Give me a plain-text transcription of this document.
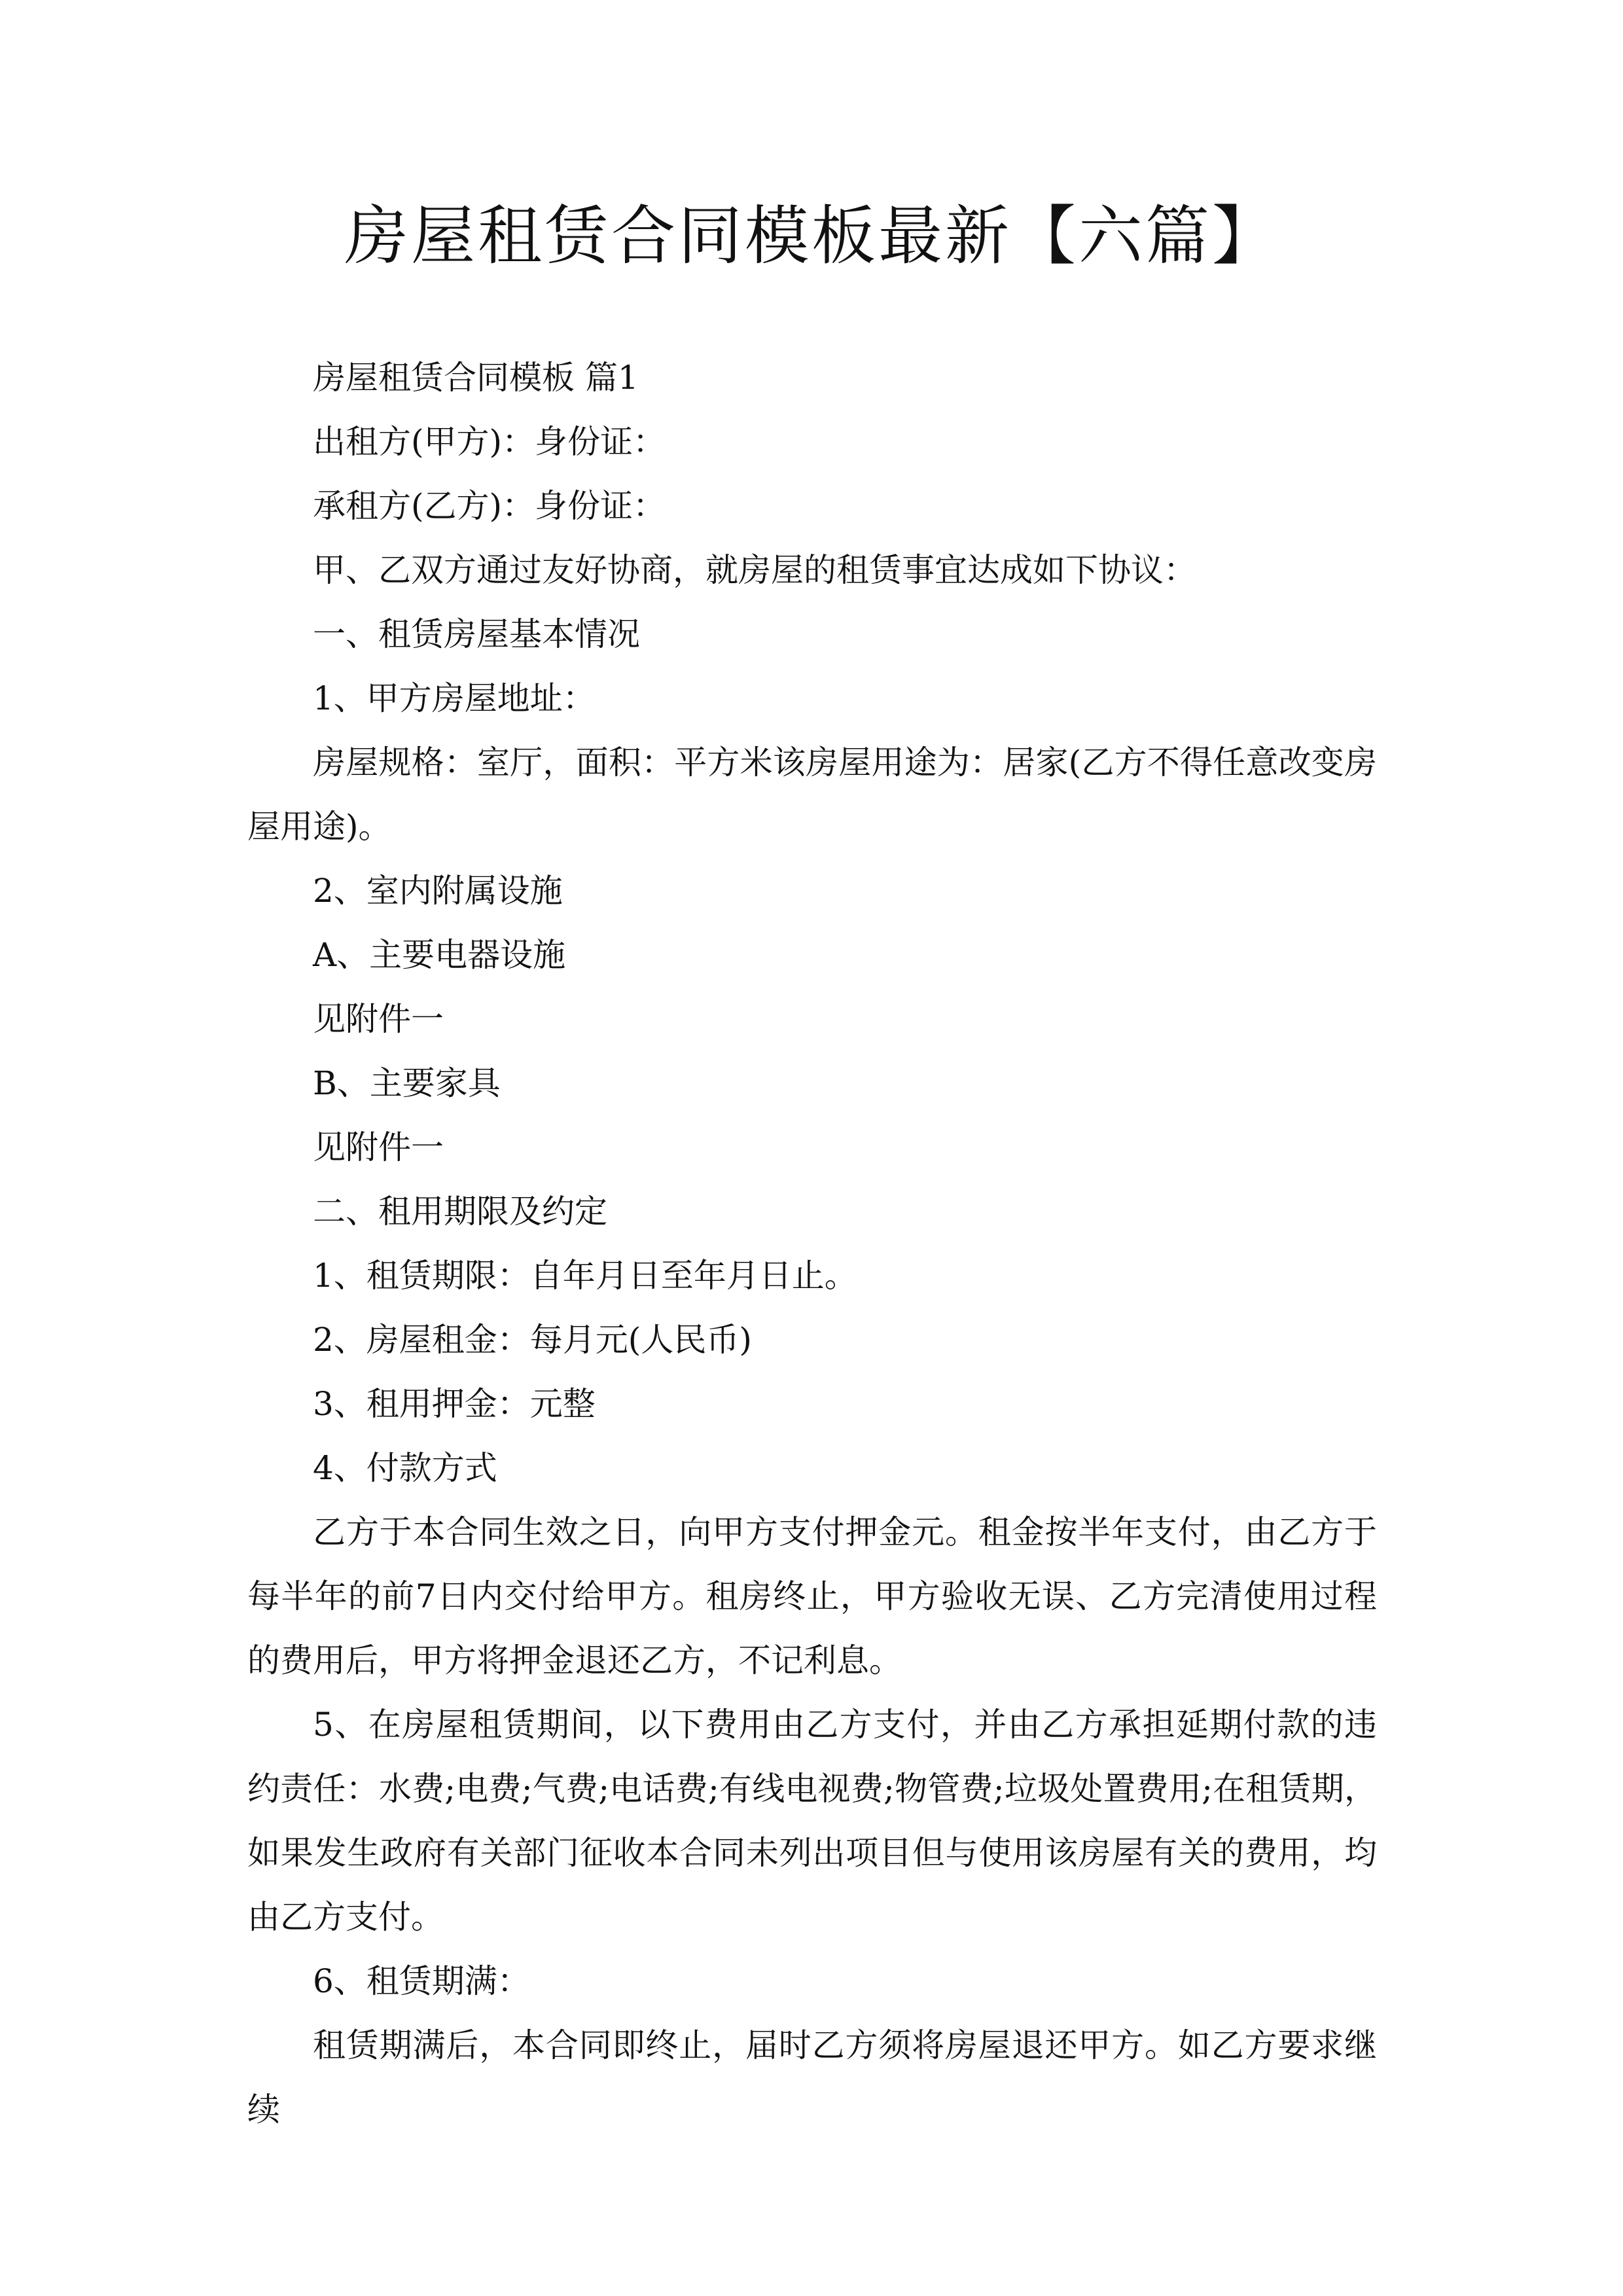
房屋租赁合同模板最新【六篇】

房屋租赁合同模板 篇1

出租方(甲方)：身份证：

承租方(乙方)：身份证：

甲、乙双方通过友好协商，就房屋的租赁事宜达成如下协议：

一、租赁房屋基本情况

1、甲方房屋地址：

房屋规格：室厅，面积：平方米该房屋用途为：居家(乙方不得任意改变房屋用途)。

2、室内附属设施

A、主要电器设施

见附件一

B、主要家具

见附件一

二、租用期限及约定

1、租赁期限：自年月日至年月日止。

2、房屋租金：每月元(人民币)

3、租用押金：元整

4、付款方式

乙方于本合同生效之日，向甲方支付押金元。租金按半年支付，由乙方于每半年的前7日内交付给甲方。租房终止，甲方验收无误、乙方完清使用过程的费用后，甲方将押金退还乙方，不记利息。

5、在房屋租赁期间，以下费用由乙方支付，并由乙方承担延期付款的违约责任：水费;电费;气费;电话费;有线电视费;物管费;垃圾处置费用;在租赁期，如果发生政府有关部门征收本合同未列出项目但与使用该房屋有关的费用，均由乙方支付。

6、租赁期满：

租赁期满后，本合同即终止，届时乙方须将房屋退还甲方。如乙方要求继续
